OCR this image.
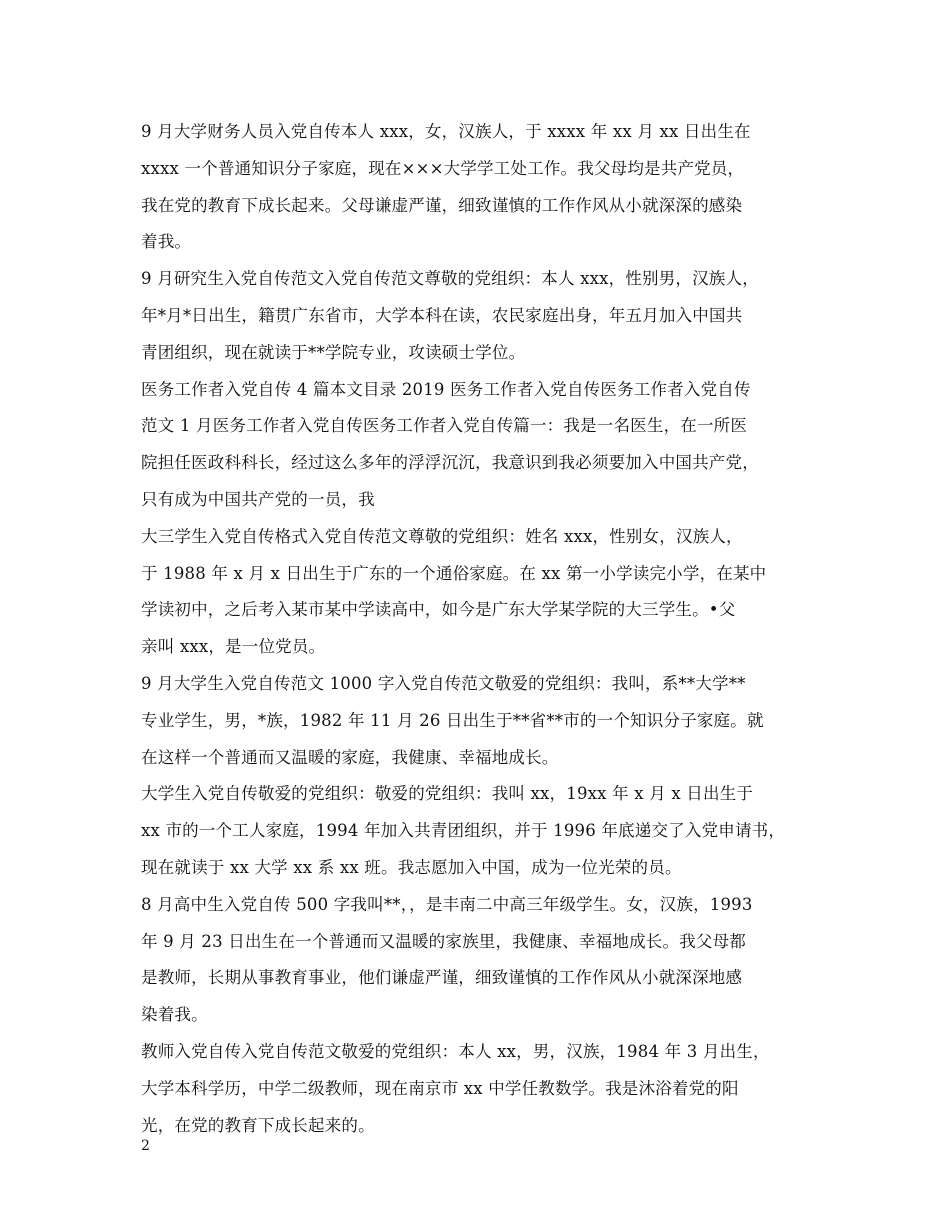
9 月大学财务人员入党自传本人 xxx，女，汉族人，于 xxxx 年 xx 月 xx 日出生在
xxxx 一个普通知识分子家庭，现在×××大学学工处工作。我父母均是共产党员，
我在党的教育下成长起来。父母谦虚严谨，细致谨慎的工作作风从小就深深的感染
着我。
9 月研究生入党自传范文入党自传范文尊敬的党组织：本人 xxx，性别男，汉族人，
年*月*日出生，籍贯广东省市，大学本科在读，农民家庭出身，年五月加入中国共
青团组织，现在就读于**学院专业，攻读硕士学位。
医务工作者入党自传 4 篇本文目录 2019 医务工作者入党自传医务工作者入党自传
范文 1 月医务工作者入党自传医务工作者入党自传篇一：我是一名医生，在一所医
院担任医政科科长，经过这么多年的浮浮沉沉，我意识到我必须要加入中国共产党，
只有成为中国共产党的一员，我
大三学生入党自传格式入党自传范文尊敬的党组织：姓名 xxx，性别女，汉族人，
于 1988 年 x 月 x 日出生于广东的一个通俗家庭。在 xx 第一小学读完小学，在某中
学读初中，之后考入某市某中学读高中，如今是广东大学某学院的大三学生。•父
亲叫 xxx，是一位党员。
9 月大学生入党自传范文 1000 字入党自传范文敬爱的党组织：我叫，系**大学**
专业学生，男，*族，1982 年 11 月 26 日出生于**省**市的一个知识分子家庭。就
在这样一个普通而又温暖的家庭，我健康、幸福地成长。
大学生入党自传敬爱的党组织：敬爱的党组织：我叫 xx，19xx 年 x 月 x 日出生于
xx 市的一个工人家庭，1994 年加入共青团组织，并于 1996 年底递交了入党申请书，
现在就读于 xx 大学 xx 系 xx 班。我志愿加入中国，成为一位光荣的员。
8 月高中生入党自传 500 字我叫**，，是丰南二中高三年级学生。女，汉族，1993
年 9 月 23 日出生在一个普通而又温暖的家族里，我健康、幸福地成长。我父母都
是教师，长期从事教育事业，他们谦虚严谨，细致谨慎的工作作风从小就深深地感
染着我。
教师入党自传入党自传范文敬爱的党组织：本人 xx，男，汉族，1984 年 3 月出生，
大学本科学历，中学二级教师，现在南京市 xx 中学任教数学。我是沐浴着党的阳
光，在党的教育下成长起来的。
2
